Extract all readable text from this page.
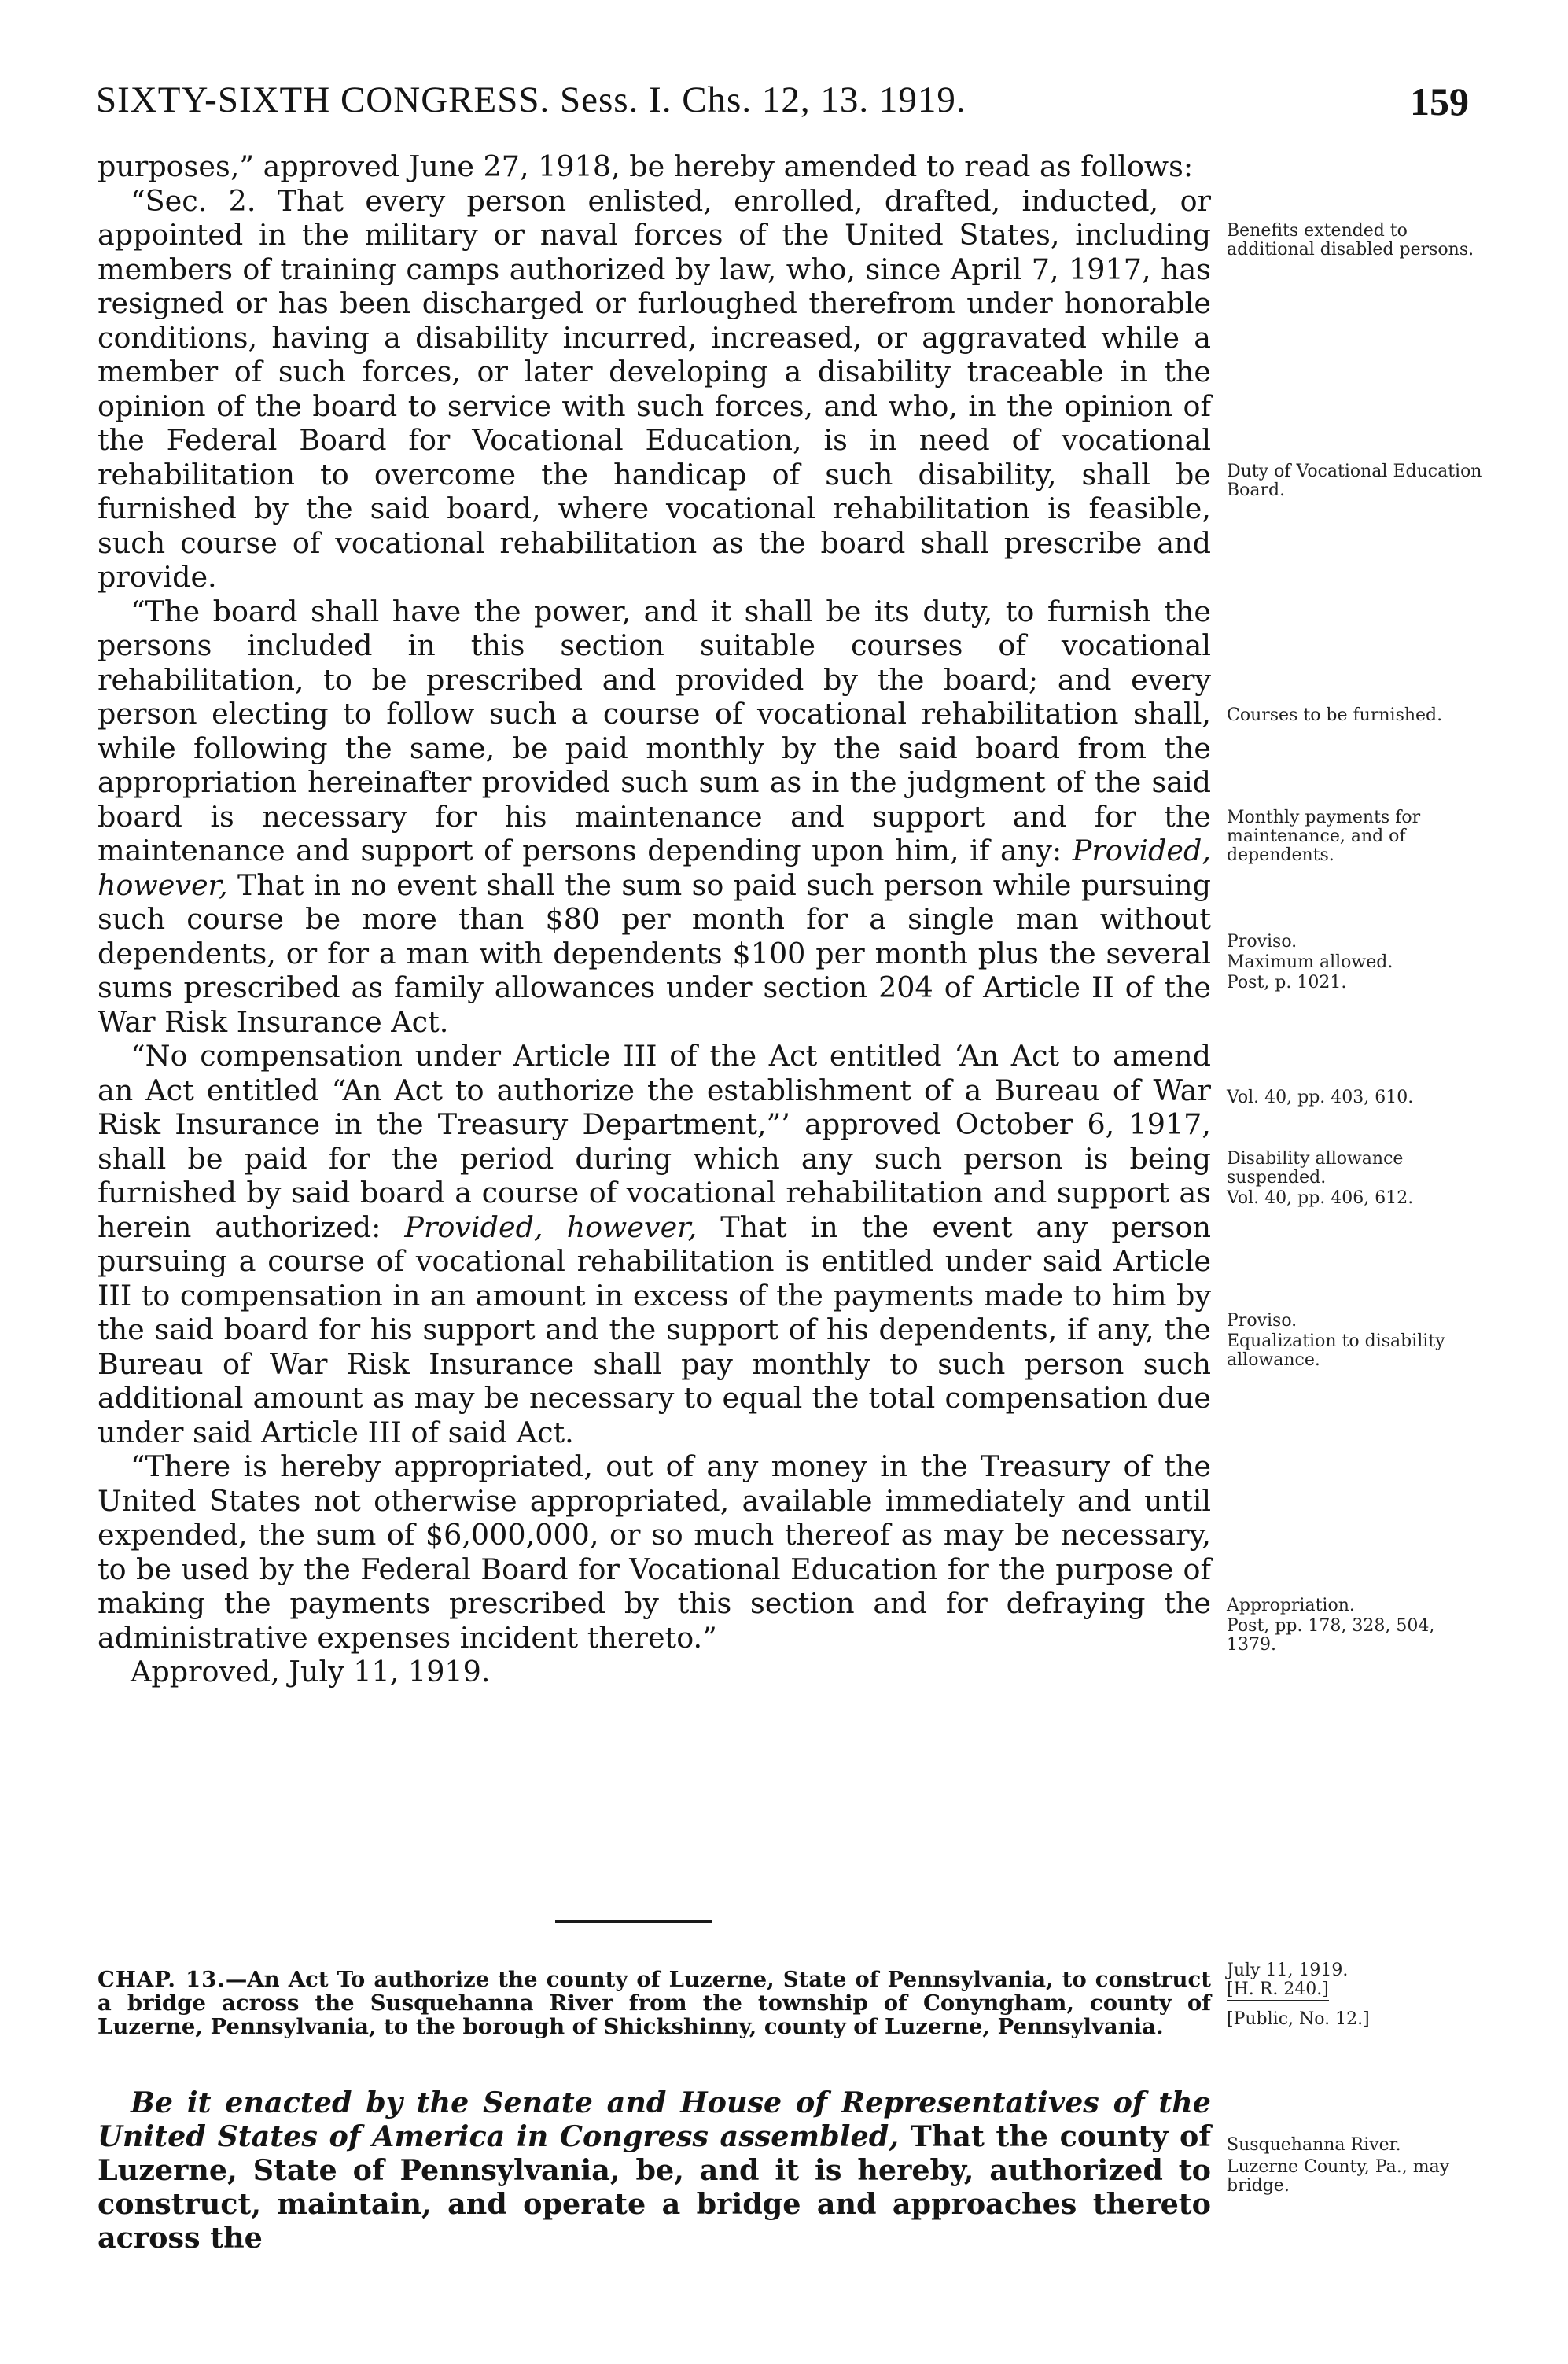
SIXTY-SIXTH CONGRESS. Sess. I. Chs. 12, 13. 1919.	159

purposes,” approved June 27, 1918, be hereby amended to read as follows:

“Sec. 2. That every person enlisted, enrolled, drafted, inducted, or appointed in the military or naval forces of the United States, including members of training camps authorized by law, who, since April 7, 1917, has resigned or has been discharged or furloughed therefrom under honorable conditions, having a disability incurred, increased, or aggravated while a member of such forces, or later developing a disability traceable in the opinion of the board to service with such forces, and who, in the opinion of the Federal Board for Vocational Education, is in need of vocational rehabilitation to overcome the handicap of such disability, shall be furnished by the said board, where vocational rehabilitation is feasible, such course of vocational rehabilitation as the board shall prescribe and provide.

“The board shall have the power, and it shall be its duty, to furnish the persons included in this section suitable courses of vocational rehabilitation, to be prescribed and provided by the board; and every person electing to follow such a course of vocational rehabilitation shall, while following the same, be paid monthly by the said board from the appropriation hereinafter provided such sum as in the judgment of the said board is necessary for his maintenance and support and for the maintenance and support of persons depending upon him, if any: Provided, however, That in no event shall the sum so paid such person while pursuing such course be more than $80 per month for a single man without dependents, or for a man with dependents $100 per month plus the several sums prescribed as family allowances under section 204 of Article II of the War Risk Insurance Act.

“No compensation under Article III of the Act entitled ‘An Act to amend an Act entitled “An Act to authorize the establishment of a Bureau of War Risk Insurance in the Treasury Department,”’ approved October 6, 1917, shall be paid for the period during which any such person is being furnished by said board a course of vocational rehabilitation and support as herein authorized: Provided, however, That in the event any person pursuing a course of vocational rehabilitation is entitled under said Article III to compensation in an amount in excess of the payments made to him by the said board for his support and the support of his dependents, if any, the Bureau of War Risk Insurance shall pay monthly to such person such additional amount as may be necessary to equal the total compensation due under said Article III of said Act.

“There is hereby appropriated, out of any money in the Treasury of the United States not otherwise appropriated, available immediately and until expended, the sum of $6,000,000, or so much thereof as may be necessary, to be used by the Federal Board for Vocational Education for the purpose of making the payments prescribed by this section and for defraying the administrative expenses incident thereto.”

Approved, July 11, 1919.

CHAP. 13.—An Act To authorize the county of Luzerne, State of Pennsylvania, to construct a bridge across the Susquehanna River from the township of Conyngham, county of Luzerne, Pennsylvania, to the borough of Shickshinny, county of Luzerne, Pennsylvania.
Be it enacted by the Senate and House of Representatives of the United States of America in Congress assembled, That the county of Luzerne, State of Pennsylvania, be, and it is hereby, authorized to construct, maintain, and operate a bridge and approaches thereto across the
Benefits extended to additional disabled persons.
Duty of Vocational Education Board.
Courses to be furnished.
Monthly payments for maintenance, and of dependents.
Proviso.
Maximum allowed.
Post, p. 1021.
Vol. 40, pp. 403, 610.
Disability allowance suspended.
Vol. 40, pp. 406, 612.
Proviso.
Equalization to disability allowance.
Appropriation.
Post, pp. 178, 328, 504, 1379.
July 11, 1919.
[H. R. 240.]
[Public, No. 12.]
Susquehanna River.
Luzerne County, Pa., may bridge.
